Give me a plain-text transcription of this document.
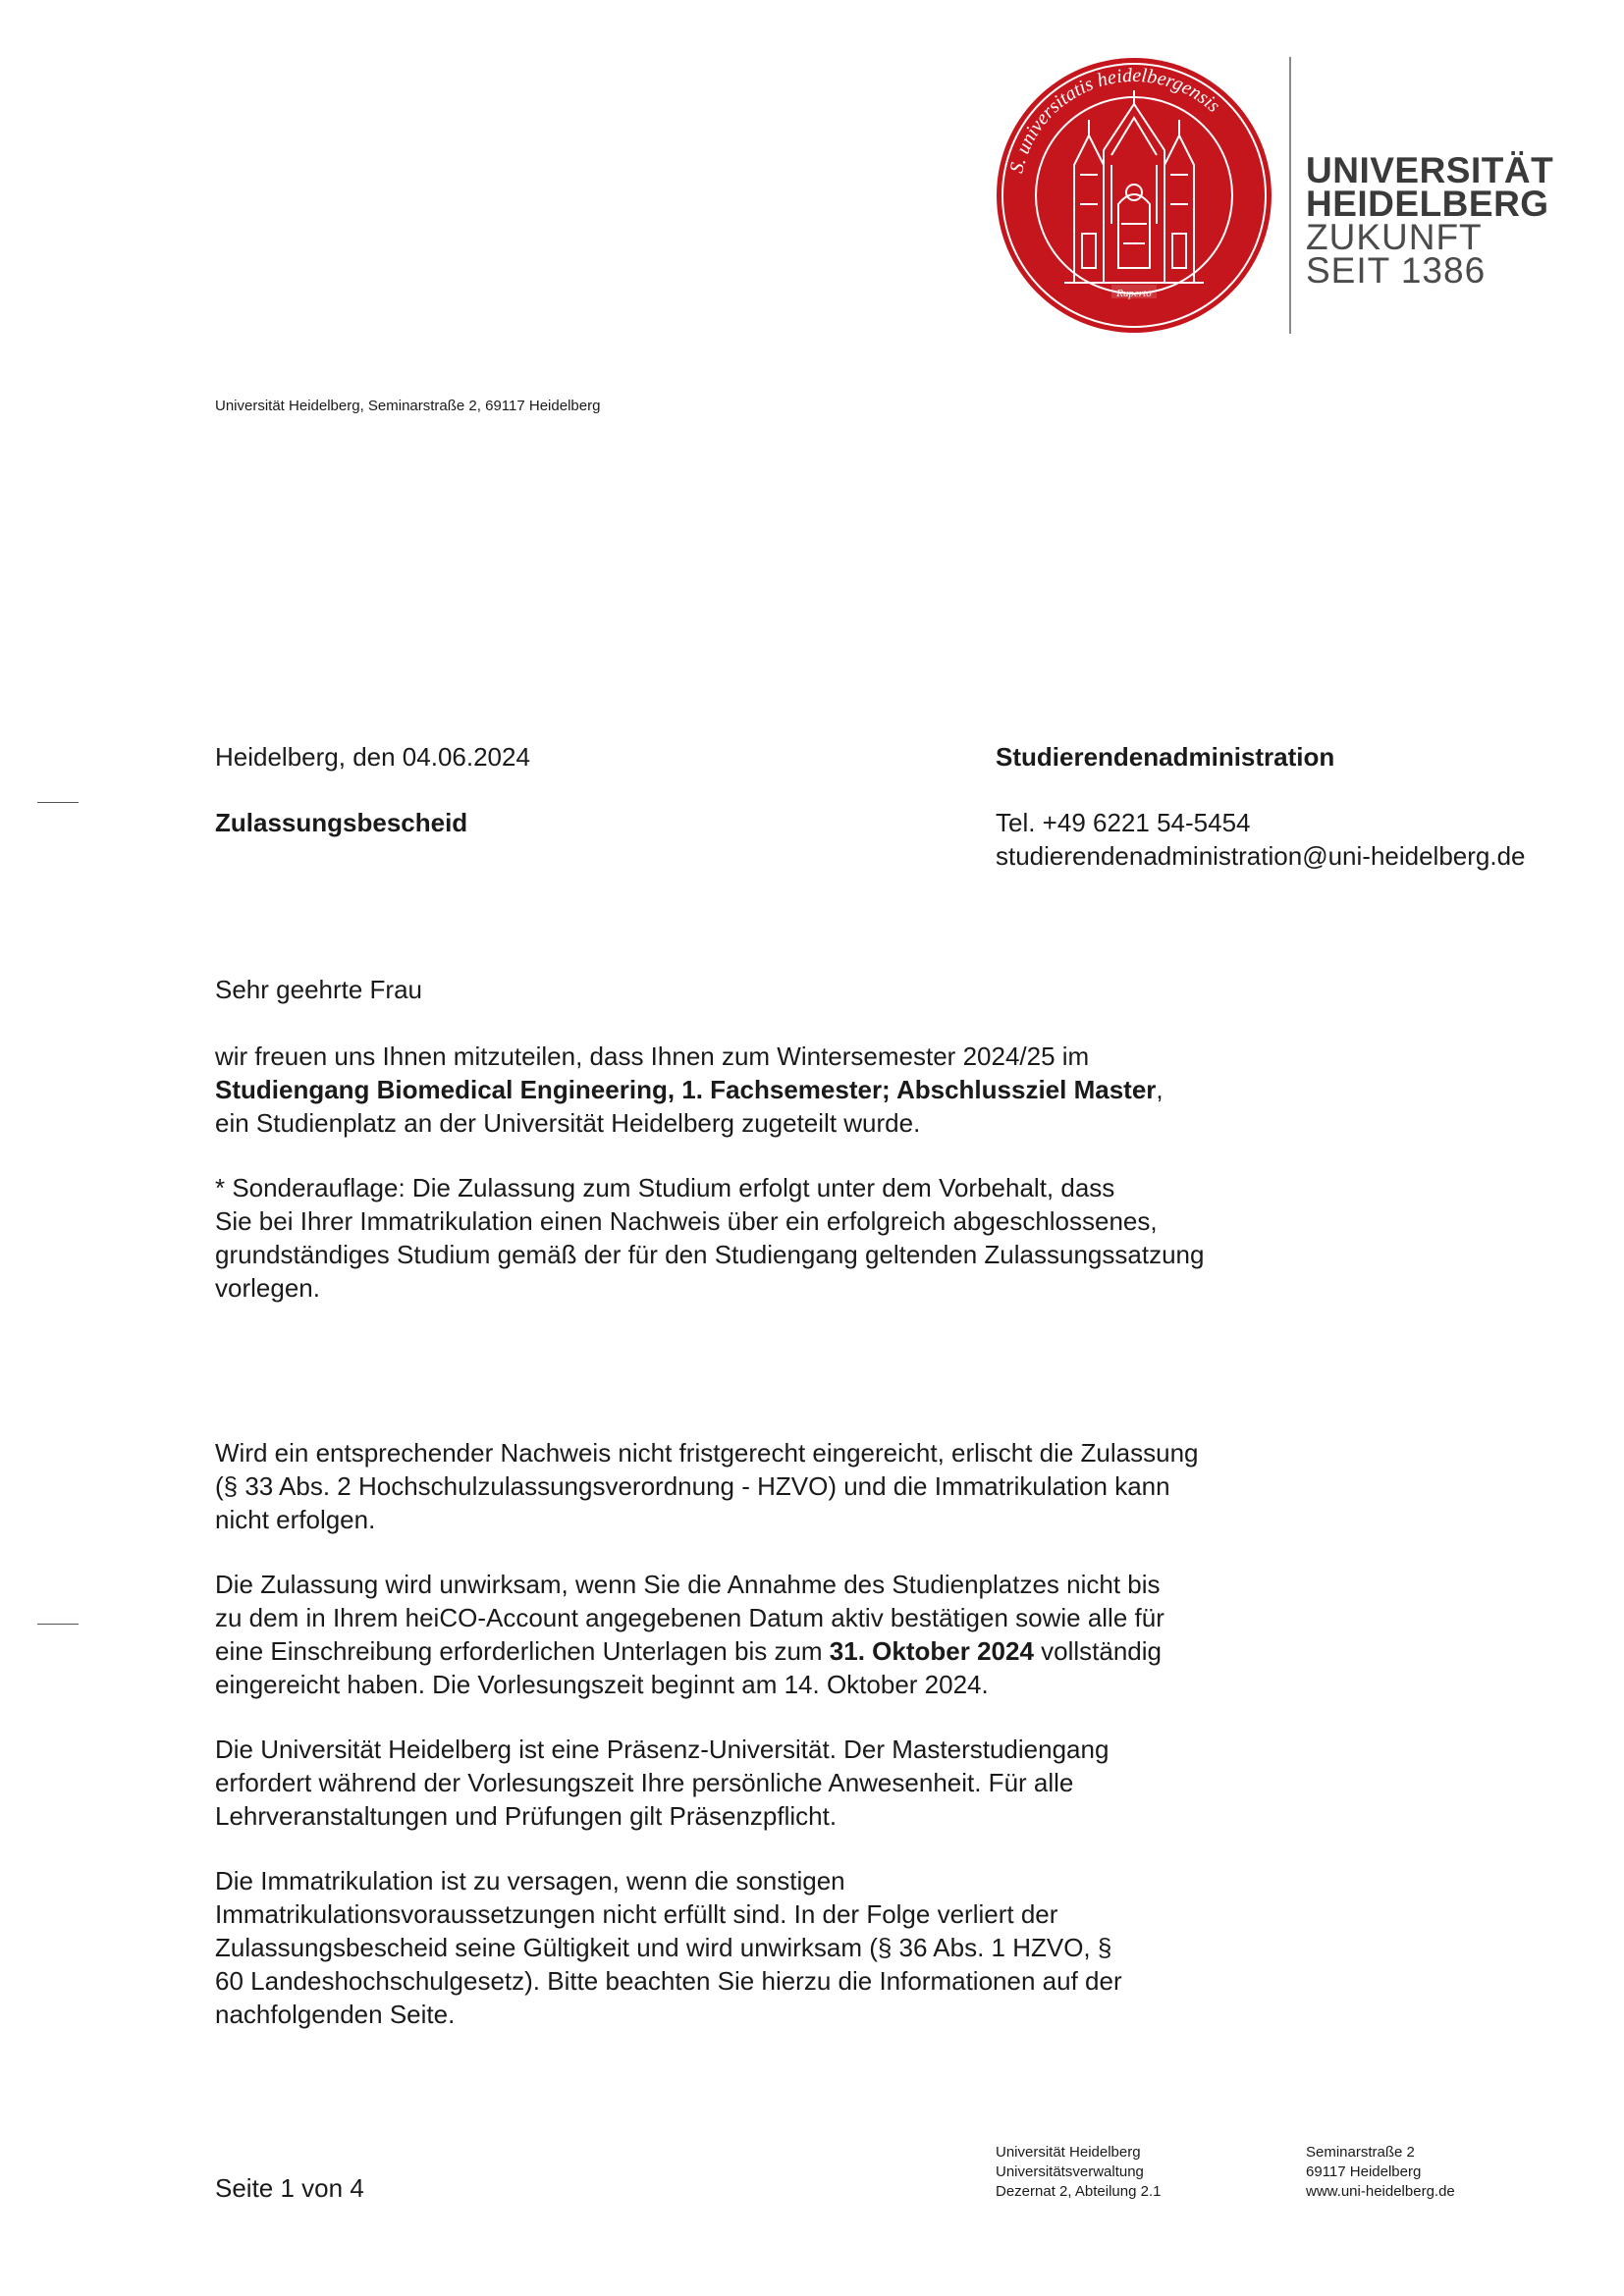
S. universitatis heidelbergensis
Ruperto
UNIVERSITÄT
HEIDELBERG
ZUKUNFT
SEIT 1386
Universität Heidelberg, Seminarstraße 2, 69117 Heidelberg
Heidelberg, den 04.06.2024
Zulassungsbescheid
Studierendenadministration
Tel. +49 6221 54-5454
studierendenadministration@uni-heidelberg.de
Sehr geehrte Frau
wir freuen uns Ihnen mitzuteilen, dass Ihnen zum Wintersemester 2024/25 im
Studiengang Biomedical Engineering, 1. Fachsemester; Abschlussziel Master,
ein Studienplatz an der Universität Heidelberg zugeteilt wurde.
* Sonderauflage: Die Zulassung zum Studium erfolgt unter dem Vorbehalt, dass
Sie bei Ihrer Immatrikulation einen Nachweis über ein erfolgreich abgeschlossenes,
grundständiges Studium gemäß der für den Studiengang geltenden Zulassungssatzung
vorlegen.
Wird ein entsprechender Nachweis nicht fristgerecht eingereicht, erlischt die Zulassung
(§ 33 Abs. 2 Hochschulzulassungsverordnung - HZVO) und die Immatrikulation kann
nicht erfolgen.
Die Zulassung wird unwirksam, wenn Sie die Annahme des Studienplatzes nicht bis
zu dem in Ihrem heiCO-Account angegebenen Datum aktiv bestätigen sowie alle für
eine Einschreibung erforderlichen Unterlagen bis zum 31. Oktober 2024 vollständig
eingereicht haben. Die Vorlesungszeit beginnt am 14. Oktober 2024.
Die Universität Heidelberg ist eine Präsenz-Universität. Der Masterstudiengang
erfordert während der Vorlesungszeit Ihre persönliche Anwesenheit. Für alle
Lehrveranstaltungen und Prüfungen gilt Präsenzpflicht.
Die Immatrikulation ist zu versagen, wenn die sonstigen
Immatrikulationsvoraussetzungen nicht erfüllt sind. In der Folge verliert der
Zulassungsbescheid seine Gültigkeit und wird unwirksam (§ 36 Abs. 1 HZVO, §
60 Landeshochschulgesetz). Bitte beachten Sie hierzu die Informationen auf der
nachfolgenden Seite.
Seite 1 von 4
Universität Heidelberg
Universitätsverwaltung
Dezernat 2, Abteilung 2.1
Seminarstraße 2
69117 Heidelberg
www.uni-heidelberg.de
